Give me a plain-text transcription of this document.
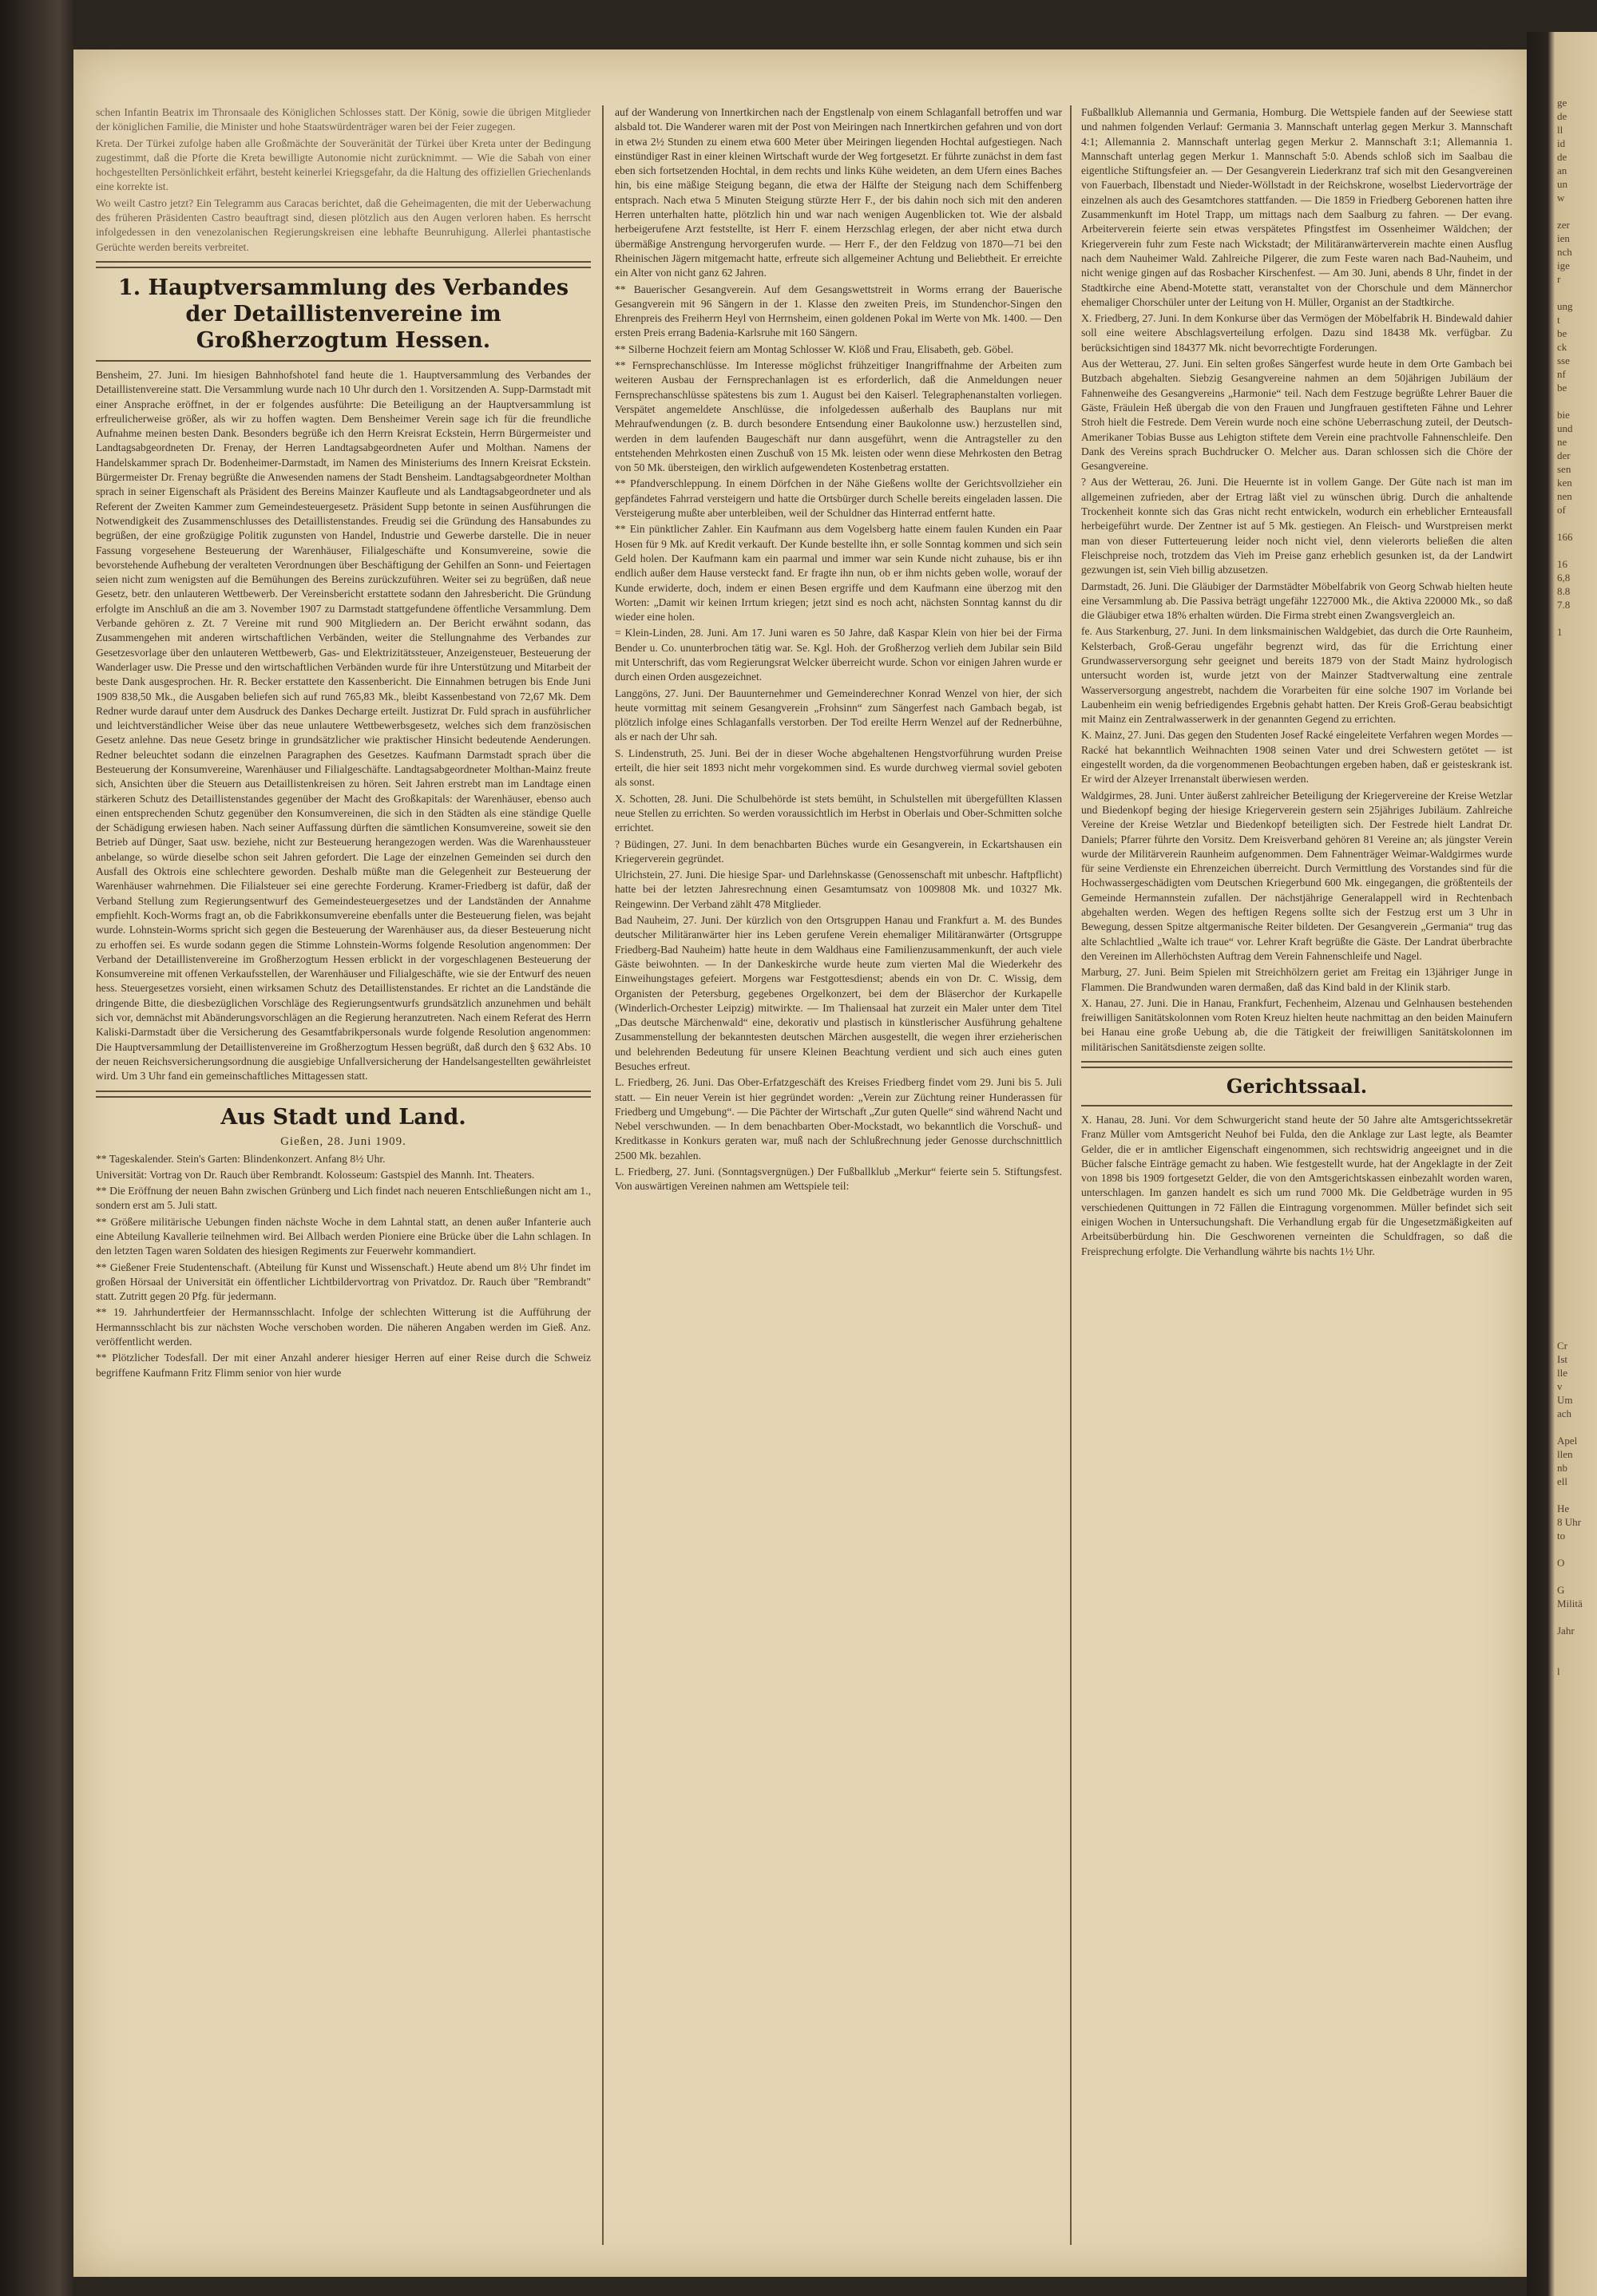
schen Infantin Beatrix im Thronsaale des Königlichen Schlosses statt. Der König, sowie die übrigen Mitglieder der königlichen Familie, die Minister und hohe Staatswürdenträger waren bei der Feier zugegen.

Kreta. Der Türkei zufolge haben alle Großmächte der Souveränität der Türkei über Kreta unter der Bedingung zugestimmt, daß die Pforte die Kreta bewilligte Autonomie nicht zurücknimmt. — Wie die Sabah von einer hochgestellten Persönlichkeit erfährt, besteht keinerlei Kriegsgefahr, da die Haltung des offiziellen Griechenlands eine korrekte ist.

Wo weilt Castro jetzt? Ein Telegramm aus Caracas berichtet, daß die Geheimagenten, die mit der Ueberwachung des früheren Präsidenten Castro beauftragt sind, diesen plötzlich aus den Augen verloren haben. Es herrscht infolgedessen in den venezolanischen Regierungskreisen eine lebhafte Beunruhigung. Allerlei phantastische Gerüchte werden bereits verbreitet.

1. Hauptversammlung des Verbandes der Detaillistenvereine im Großherzogtum Hessen.

Bensheim, 27. Juni. Im hiesigen Bahnhofshotel fand heute die 1. Hauptversammlung des Verbandes der Detaillistenvereine statt. Die Versammlung wurde nach 10 Uhr durch den 1. Vorsitzenden A. Supp-Darmstadt mit einer Ansprache eröffnet, in der er folgendes ausführte: Die Beteiligung an der Hauptversammlung ist erfreulicherweise größer, als wir zu hoffen wagten. Dem Bensheimer Verein sage ich für die freundliche Aufnahme meinen besten Dank. Besonders begrüße ich den Herrn Kreisrat Eckstein, Herrn Bürgermeister und Landtagsabgeordneten Dr. Frenay, der Herren Landtagsabgeordneten Aufer und Molthan. Namens der Handelskammer sprach Dr. Bodenheimer-Darmstadt, im Namen des Ministeriums des Innern Kreisrat Eckstein. Bürgermeister Dr. Frenay begrüßte die Anwesenden namens der Stadt Bensheim. Landtagsabgeordneter Molthan sprach in seiner Eigenschaft als Präsident des Bereins Mainzer Kaufleute und als Landtagsabgeordneter und als Referent der Zweiten Kammer zum Gemeindesteuergesetz. Präsident Supp betonte in seinen Ausführungen die Notwendigkeit des Zusammenschlusses des Detaillistenstandes. Freudig sei die Gründung des Hansabundes zu begrüßen, der eine großzügige Politik zugunsten von Handel, Industrie und Gewerbe darstelle. Die in neuer Fassung vorgesehene Besteuerung der Warenhäuser, Filialgeschäfte und Konsumvereine, sowie die bevorstehende Aufhebung der veralteten Verordnungen über Beschäftigung der Gehilfen an Sonn- und Feiertagen seien nicht zum wenigsten auf die Bemühungen des Bereins zurückzuführen. Weiter sei zu begrüßen, daß neue Gesetz, betr. den unlauteren Wettbewerb. Der Vereinsbericht erstattete sodann den Jahresbericht. Die Gründung erfolgte im Anschluß an die am 3. November 1907 zu Darmstadt stattgefundene öffentliche Versammlung. Dem Verbande gehören z. Zt. 7 Vereine mit rund 900 Mitgliedern an. Der Bericht erwähnt sodann, das Zusammengehen mit anderen wirtschaftlichen Verbänden, weiter die Stellungnahme des Verbandes zur Gesetzesvorlage über den unlauteren Wettbewerb, Gas- und Elektrizitätssteuer, Anzeigensteuer, Besteuerung der Wanderlager usw. Die Presse und den wirtschaftlichen Verbänden wurde für ihre Unterstützung und Mitarbeit der beste Dank ausgesprochen. Hr. R. Becker erstattete den Kassenbericht. Die Einnahmen betrugen bis Ende Juni 1909 838,50 Mk., die Ausgaben beliefen sich auf rund 765,83 Mk., bleibt Kassenbestand von 72,67 Mk. Dem Redner wurde darauf unter dem Ausdruck des Dankes Decharge erteilt. Justizrat Dr. Fuld sprach in ausführlicher und leichtverständlicher Weise über das neue unlautere Wettbewerbsgesetz, welches sich dem französischen Gesetz anlehne. Das neue Gesetz bringe in grundsätzlicher wie praktischer Hinsicht bedeutende Aenderungen. Redner beleuchtet sodann die einzelnen Paragraphen des Gesetzes. Kaufmann Darmstadt sprach über die Besteuerung der Konsumvereine, Warenhäuser und Filialgeschäfte. Landtagsabgeordneter Molthan-Mainz freute sich, Ansichten über die Steuern aus Detaillistenkreisen zu hören. Seit Jahren erstrebt man im Landtage einen stärkeren Schutz des Detaillistenstandes gegenüber der Macht des Großkapitals: der Warenhäuser, ebenso auch einen entsprechenden Schutz gegenüber den Konsumvereinen, die sich in den Städten als eine ständige Quelle der Schädigung erwiesen haben. Nach seiner Auffassung dürften die sämtlichen Konsumvereine, soweit sie den Betrieb auf Dünger, Saat usw. beziehe, nicht zur Besteuerung herangezogen werden. Was die Warenhaussteuer anbelange, so würde dieselbe schon seit Jahren gefordert. Die Lage der einzelnen Gemeinden sei durch den Ausfall des Oktrois eine schlechtere geworden. Deshalb müßte man die Gelegenheit zur Besteuerung der Warenhäuser wahrnehmen. Die Filialsteuer sei eine gerechte Forderung. Kramer-Friedberg ist dafür, daß der Verband Stellung zum Regierungsentwurf des Gemeindesteuergesetzes und der Landständen der Annahme empfiehlt. Koch-Worms fragt an, ob die Fabrikkonsumvereine ebenfalls unter die Besteuerung fielen, was bejaht wurde. Lohnstein-Worms spricht sich gegen die Besteuerung der Warenhäuser aus, da dieser Besteuerung nicht zu erhoffen sei. Es wurde sodann gegen die Stimme Lohnstein-Worms folgende Resolution angenommen: Der Verband der Detaillistenvereine im Großherzogtum Hessen erblickt in der vorgeschlagenen Besteuerung der Konsumvereine mit offenen Verkaufsstellen, der Warenhäuser und Filialgeschäfte, wie sie der Entwurf des neuen hess. Steuergesetzes vorsieht, einen wirksamen Schutz des Detaillistenstandes. Er richtet an die Landstände die dringende Bitte, die diesbezüglichen Vorschläge des Regierungsentwurfs grundsätzlich anzunehmen und behält sich vor, demnächst mit Abänderungsvorschlägen an die Regierung heranzutreten. Nach einem Referat des Herrn Kaliski-Darmstadt über die Versicherung des Gesamtfabrikpersonals wurde folgende Resolution angenommen: Die Hauptversammlung der Detaillistenvereine im Großherzogtum Hessen begrüßt, daß durch den § 632 Abs. 10 der neuen Reichsversicherungsordnung die ausgiebige Unfallversicherung der Handelsangestellten gewährleistet wird. Um 3 Uhr fand ein gemeinschaftliches Mittagessen statt.

Aus Stadt und Land.
Gießen, 28. Juni 1909.

** Tageskalender. Stein's Garten: Blindenkonzert. Anfang 8½ Uhr.

Universität: Vortrag von Dr. Rauch über Rembrandt. Kolosseum: Gastspiel des Mannh. Int. Theaters.

** Die Eröffnung der neuen Bahn zwischen Grünberg und Lich findet nach neueren Entschließungen nicht am 1., sondern erst am 5. Juli statt.

** Größere militärische Uebungen finden nächste Woche in dem Lahntal statt, an denen außer Infanterie auch eine Abteilung Kavallerie teilnehmen wird. Bei Allbach werden Pioniere eine Brücke über die Lahn schlagen. In den letzten Tagen waren Soldaten des hiesigen Regiments zur Feuerwehr kommandiert.

** Gießener Freie Studentenschaft. (Abteilung für Kunst und Wissenschaft.) Heute abend um 8½ Uhr findet im großen Hörsaal der Universität ein öffentlicher Lichtbildervortrag von Privatdoz. Dr. Rauch über "Rembrandt" statt. Zutritt gegen 20 Pfg. für jedermann.

** 19. Jahrhundertfeier der Hermannsschlacht. Infolge der schlechten Witterung ist die Aufführung der Hermannsschlacht bis zur nächsten Woche verschoben worden. Die näheren Angaben werden im Gieß. Anz. veröffentlicht werden.

** Plötzlicher Todesfall. Der mit einer Anzahl anderer hiesiger Herren auf einer Reise durch die Schweiz begriffene Kaufmann Fritz Flimm senior von hier wurde

auf der Wanderung von Innertkirchen nach der Engstlenalp von einem Schlaganfall betroffen und war alsbald tot. Die Wanderer waren mit der Post von Meiringen nach Innertkirchen gefahren und von dort in etwa 2½ Stunden zu einem etwa 600 Meter über Meiringen liegenden Hochtal aufgestiegen. Nach einstündiger Rast in einer kleinen Wirtschaft wurde der Weg fortgesetzt. Er führte zunächst in dem fast eben sich fortsetzenden Hochtal, in dem rechts und links Kühe weideten, an dem Ufern eines Baches hin, bis eine mäßige Steigung begann, die etwa der Hälfte der Steigung nach dem Schiffenberg entsprach. Nach etwa 5 Minuten Steigung stürzte Herr F., der bis dahin noch sich mit den anderen Herren unterhalten hatte, plötzlich hin und war nach wenigen Augenblicken tot. Wie der alsbald herbeigerufene Arzt feststellte, ist Herr F. einem Herzschlag erlegen, der aber nicht etwa durch übermäßige Anstrengung hervorgerufen wurde. — Herr F., der den Feldzug von 1870—71 bei den Rheinischen Jägern mitgemacht hatte, erfreute sich allgemeiner Achtung und Beliebtheit. Er erreichte ein Alter von nicht ganz 62 Jahren.

** Bauerischer Gesangverein. Auf dem Gesangswettstreit in Worms errang der Bauerische Gesangverein mit 96 Sängern in der 1. Klasse den zweiten Preis, im Stundenchor-Singen den Ehrenpreis des Freiherrn Heyl von Herrnsheim, einen goldenen Pokal im Werte von Mk. 1400. — Den ersten Preis errang Badenia-Karlsruhe mit 160 Sängern.

** Silberne Hochzeit feiern am Montag Schlosser W. Klöß und Frau, Elisabeth, geb. Göbel.

** Fernsprechanschlüsse. Im Interesse möglichst frühzeitiger Inangriffnahme der Arbeiten zum weiteren Ausbau der Fernsprechanlagen ist es erforderlich, daß die Anmeldungen neuer Fernsprechanschlüsse spätestens bis zum 1. August bei den Kaiserl. Telegraphenanstalten vorliegen. Verspätet angemeldete Anschlüsse, die infolgedessen außerhalb des Bauplans nur mit Mehraufwendungen (z. B. durch besondere Entsendung einer Baukolonne usw.) herzustellen sind, werden in dem laufenden Baugeschäft nur dann ausgeführt, wenn die Antragsteller zu den entstehenden Mehrkosten einen Zuschuß von 15 Mk. leisten oder wenn diese Mehrkosten den Betrag von 50 Mk. übersteigen, den wirklich aufgewendeten Kostenbetrag erstatten.

** Pfandverschleppung. In einem Dörfchen in der Nähe Gießens wollte der Gerichtsvollzieher ein gepfändetes Fahrrad versteigern und hatte die Ortsbürger durch Schelle bereits eingeladen lassen. Die Versteigerung mußte aber unterbleiben, weil der Schuldner das Hinterrad entfernt hatte.

** Ein pünktlicher Zahler. Ein Kaufmann aus dem Vogelsberg hatte einem faulen Kunden ein Paar Hosen für 9 Mk. auf Kredit verkauft. Der Kunde bestellte ihn, er solle Sonntag kommen und sich sein Geld holen. Der Kaufmann kam ein paarmal und immer war sein Kunde nicht zuhause, bis er ihn endlich außer dem Hause versteckt fand. Er fragte ihn nun, ob er ihm nichts geben wolle, worauf der Kunde erwiderte, doch, indem er einen Besen ergriffe und dem Kaufmann eine überzog mit den Worten: „Damit wir keinen Irrtum kriegen; jetzt sind es noch acht, nächsten Sonntag kannst du dir wieder eine holen.

= Klein-Linden, 28. Juni. Am 17. Juni waren es 50 Jahre, daß Kaspar Klein von hier bei der Firma Bender u. Co. ununterbrochen tätig war. Se. Kgl. Hoh. der Großherzog verlieh dem Jubilar sein Bild mit Unterschrift, das vom Regierungsrat Welcker überreicht wurde. Schon vor einigen Jahren wurde er durch einen Orden ausgezeichnet.

Langgöns, 27. Juni. Der Bauunternehmer und Gemeinderechner Konrad Wenzel von hier, der sich heute vormittag mit seinem Gesangverein „Frohsinn“ zum Sängerfest nach Gambach begab, ist plötzlich infolge eines Schlaganfalls verstorben. Der Tod ereilte Herrn Wenzel auf der Rednerbühne, als er nach der Uhr sah.

S. Lindenstruth, 25. Juni. Bei der in dieser Woche abgehaltenen Hengstvorführung wurden Preise erteilt, die hier seit 1893 nicht mehr vorgekommen sind. Es wurde durchweg viermal soviel geboten als sonst.

X. Schotten, 28. Juni. Die Schulbehörde ist stets bemüht, in Schulstellen mit übergefüllten Klassen neue Stellen zu errichten. So werden voraussichtlich im Herbst in Oberlais und Ober-Schmitten solche errichtet.

? Büdingen, 27. Juni. In dem benachbarten Büches wurde ein Gesangverein, in Eckartshausen ein Kriegerverein gegründet.

Ulrichstein, 27. Juni. Die hiesige Spar- und Darlehnskasse (Genossenschaft mit unbeschr. Haftpflicht) hatte bei der letzten Jahresrechnung einen Gesamtumsatz von 1009808 Mk. und 10327 Mk. Reingewinn. Der Verband zählt 478 Mitglieder.

Bad Nauheim, 27. Juni. Der kürzlich von den Ortsgruppen Hanau und Frankfurt a. M. des Bundes deutscher Militäranwärter hier ins Leben gerufene Verein ehemaliger Militäranwärter (Ortsgruppe Friedberg-Bad Nauheim) hatte heute in dem Waldhaus eine Familienzusammenkunft, der auch viele Gäste beiwohnten. — In der Dankeskirche wurde heute zum vierten Mal die Wiederkehr des Einweihungstages gefeiert. Morgens war Festgottesdienst; abends ein von Dr. C. Wissig, dem Organisten der Petersburg, gegebenes Orgelkonzert, bei dem der Bläserchor der Kurkapelle (Winderlich-Orchester Leipzig) mitwirkte. — Im Thaliensaal hat zurzeit ein Maler unter dem Titel „Das deutsche Märchenwald“ eine, dekorativ und plastisch in künstlerischer Ausführung gehaltene Zusammenstellung der bekanntesten deutschen Märchen ausgestellt, die wegen ihrer erzieherischen und belehrenden Bedeutung für unsere Kleinen Beachtung verdient und sich auch eines guten Besuches erfreut.

L. Friedberg, 26. Juni. Das Ober-Erfatzgeschäft des Kreises Friedberg findet vom 29. Juni bis 5. Juli statt. — Ein neuer Verein ist hier gegründet worden: „Verein zur Züchtung reiner Hunderassen für Friedberg und Umgebung“. — Die Pächter der Wirtschaft „Zur guten Quelle“ sind während Nacht und Nebel verschwunden. — In dem benachbarten Ober-Mockstadt, wo bekanntlich die Vorschuß- und Kreditkasse in Konkurs geraten war, muß nach der Schlußrechnung jeder Genosse durchschnittlich 2500 Mk. bezahlen.

L. Friedberg, 27. Juni. (Sonntagsvergnügen.) Der Fußballklub „Merkur“ feierte sein 5. Stiftungsfest. Von auswärtigen Vereinen nahmen am Wettspiele teil:

Fußballklub Allemannia und Germania, Homburg. Die Wettspiele fanden auf der Seewiese statt und nahmen folgenden Verlauf: Germania 3. Mannschaft unterlag gegen Merkur 3. Mannschaft 4:1; Allemannia 2. Mannschaft unterlag gegen Merkur 2. Mannschaft 3:1; Allemannia 1. Mannschaft unterlag gegen Merkur 1. Mannschaft 5:0. Abends schloß sich im Saalbau die eigentliche Stiftungsfeier an. — Der Gesangverein Liederkranz traf sich mit den Gesangvereinen von Fauerbach, Ilbenstadt und Nieder-Wöllstadt in der Reichskrone, woselbst Liedervorträge der einzelnen als auch des Gesamtchores stattfanden. — Die 1859 in Friedberg Geborenen hatten ihre Zusammenkunft im Hotel Trapp, um mittags nach dem Saalburg zu fahren. — Der evang. Arbeiterverein feierte sein etwas verspätetes Pfingstfest im Ossenheimer Wäldchen; der Kriegerverein fuhr zum Feste nach Wickstadt; der Militäranwärterverein machte einen Ausflug nach dem Nauheimer Wald. Zahlreiche Pilgerer, die zum Feste waren nach Bad-Nauheim, und nicht wenige gingen auf das Rosbacher Kirschenfest. — Am 30. Juni, abends 8 Uhr, findet in der Stadtkirche eine Abend-Motette statt, veranstaltet von der Chorschule und dem Männerchor ehemaliger Chorschüler unter der Leitung von H. Müller, Organist an der Stadtkirche.

X. Friedberg, 27. Juni. In dem Konkurse über das Vermögen der Möbelfabrik H. Bindewald dahier soll eine weitere Abschlagsverteilung erfolgen. Dazu sind 18438 Mk. verfügbar. Zu berücksichtigen sind 184377 Mk. nicht bevorrechtigte Forderungen.

Aus der Wetterau, 27. Juni. Ein selten großes Sängerfest wurde heute in dem Orte Gambach bei Butzbach abgehalten. Siebzig Gesangvereine nahmen an dem 50jährigen Jubiläum der Fahnenweihe des Gesangvereins „Harmonie“ teil. Nach dem Festzuge begrüßte Lehrer Bauer die Gäste, Fräulein Heß übergab die von den Frauen und Jungfrauen gestifteten Fähne und Lehrer Stroh hielt die Festrede. Dem Verein wurde noch eine schöne Ueberraschung zuteil, der Deutsch-Amerikaner Tobias Busse aus Lehigton stiftete dem Verein eine prachtvolle Fahnenschleife. Den Dank des Vereins sprach Buchdrucker O. Melcher aus. Daran schlossen sich die Chöre der Gesangvereine.

? Aus der Wetterau, 26. Juni. Die Heuernte ist in vollem Gange. Der Güte nach ist man im allgemeinen zufrieden, aber der Ertrag läßt viel zu wünschen übrig. Durch die anhaltende Trockenheit konnte sich das Gras nicht recht entwickeln, wodurch ein erheblicher Ernteausfall herbeigeführt wurde. Der Zentner ist auf 5 Mk. gestiegen. An Fleisch- und Wurstpreisen merkt man von dieser Futterteuerung leider noch nicht viel, denn vielerorts beließen die alten Fleischpreise noch, trotzdem das Vieh im Preise ganz erheblich gesunken ist, da der Landwirt gezwungen ist, sein Vieh billig abzusetzen.

Darmstadt, 26. Juni. Die Gläubiger der Darmstädter Möbelfabrik von Georg Schwab hielten heute eine Versammlung ab. Die Passiva beträgt ungefähr 1227000 Mk., die Aktiva 220000 Mk., so daß die Gläubiger etwa 18% erhalten würden. Die Firma strebt einen Zwangsvergleich an.

fe. Aus Starkenburg, 27. Juni. In dem linksmainischen Waldgebiet, das durch die Orte Raunheim, Kelsterbach, Groß-Gerau ungefähr begrenzt wird, das für die Errichtung einer Grundwasserversorgung sehr geeignet und bereits 1879 von der Stadt Mainz hydrologisch untersucht worden ist, wurde jetzt von der Mainzer Stadtverwaltung eine zentrale Wasserversorgung angestrebt, nachdem die Vorarbeiten für eine solche 1907 im Vorlande bei Laubenheim ein wenig befriedigendes Ergebnis gehabt hatten. Der Kreis Groß-Gerau beabsichtigt mit Mainz ein Zentralwasserwerk in der genannten Gegend zu errichten.

K. Mainz, 27. Juni. Das gegen den Studenten Josef Racké eingeleitete Verfahren wegen Mordes — Racké hat bekanntlich Weihnachten 1908 seinen Vater und drei Schwestern getötet — ist eingestellt worden, da die vorgenommenen Beobachtungen ergeben haben, daß er geisteskrank ist. Er wird der Alzeyer Irrenanstalt überwiesen werden.

Waldgirmes, 28. Juni. Unter äußerst zahlreicher Beteiligung der Kriegervereine der Kreise Wetzlar und Biedenkopf beging der hiesige Kriegerverein gestern sein 25jähriges Jubiläum. Zahlreiche Vereine der Kreise Wetzlar und Biedenkopf beteiligten sich. Der Festrede hielt Landrat Dr. Daniels; Pfarrer führte den Vorsitz. Dem Kreisverband gehören 81 Vereine an; als jüngster Verein wurde der Militärverein Raunheim aufgenommen. Dem Fahnenträger Weimar-Waldgirmes wurde für seine Verdienste ein Ehrenzeichen überreicht. Durch Vermittlung des Vorstandes sind für die Hochwassergeschädigten vom Deutschen Kriegerbund 600 Mk. eingegangen, die größtenteils der Gemeinde Hermannstein zufallen. Der nächstjährige Generalappell wird in Rechtenbach abgehalten werden. Wegen des heftigen Regens sollte sich der Festzug erst um 3 Uhr in Bewegung, dessen Spitze altgermanische Reiter bildeten. Der Gesangverein „Germania“ trug das alte Schlachtlied „Walte ich traue“ vor. Lehrer Kraft begrüßte die Gäste. Der Landrat überbrachte den Vereinen im Allerhöchsten Auftrag dem Verein Fahnenschleife und Nagel.

Marburg, 27. Juni. Beim Spielen mit Streichhölzern geriet am Freitag ein 13jähriger Junge in Flammen. Die Brandwunden waren dermaßen, daß das Kind bald in der Klinik starb.

X. Hanau, 27. Juni. Die in Hanau, Frankfurt, Fechenheim, Alzenau und Gelnhausen bestehenden freiwilligen Sanitätskolonnen vom Roten Kreuz hielten heute nachmittag an den beiden Mainufern bei Hanau eine große Uebung ab, die die Tätigkeit der freiwilligen Sanitätskolonnen im militärischen Sanitätsdienste zeigen sollte.

Gerichtssaal.

X. Hanau, 28. Juni. Vor dem Schwurgericht stand heute der 50 Jahre alte Amtsgerichtssekretär Franz Müller vom Amtsgericht Neuhof bei Fulda, den die Anklage zur Last legte, als Beamter Gelder, die er in amtlicher Eigenschaft eingenommen, sich rechtswidrig angeeignet und in die Bücher falsche Einträge gemacht zu haben. Wie festgestellt wurde, hat der Angeklagte in der Zeit von 1898 bis 1909 fortgesetzt Gelder, die von den Amtsgerichtskassen einbezahlt worden waren, unterschlagen. Im ganzen handelt es sich um rund 7000 Mk. Die Geldbeträge wurden in 95 verschiedenen Quittungen in 72 Fällen die Eintragung vorgenommen. Müller befindet sich seit einigen Wochen in Untersuchungshaft. Die Verhandlung ergab für die Ungesetzmäßigkeiten auf Arbeitsüberbürdung hin. Die Geschworenen verneinten die Schuldfragen, so daß die Freisprechung erfolgte. Die Verhandlung währte bis nachts 1½ Uhr.

ge
de
ll
id
de
an
un
w

zer
ien
nch
ige
r

ung
t
be
ck
sse
nf
be

bie
und
ne
der
sen
ken
nen
of

166

16
6,8
8.8
7.8

1

Cr
Ist
lle
v
Um
ach

Apel
llen
nb
ell

He
8 Uhr
to

O

G
Militä

Jahr

l
